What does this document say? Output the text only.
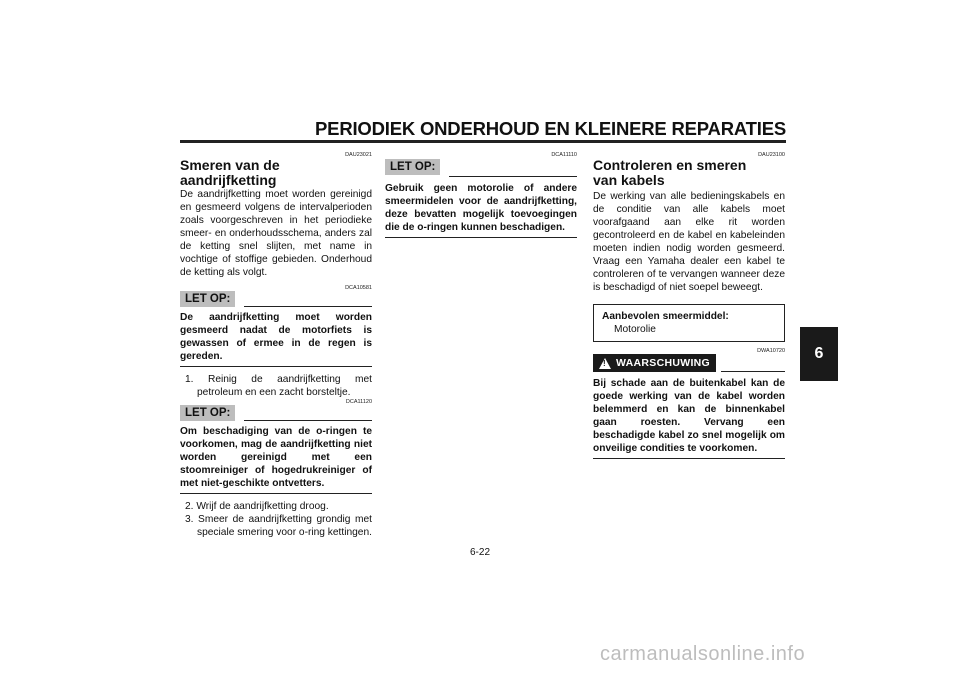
PERIODIEK ONDERHOUD EN KLEINERE REPARATIES
6
DAU23021
Smeren van de aandrijfketting
De aandrijfketting moet worden gereinigd en gesmeerd volgens de intervalperioden zoals voorgeschreven in het periodieke smeer- en onderhoudsschema, anders zal de ketting snel slijten, met name in vochtige of stoffige gebieden. Onderhoud de ketting als volgt.
LET OP:
DCA10581
De aandrijfketting moet worden gesmeerd nadat de motorfiets is gewassen of ermee in de regen is gereden.
1. Reinig de aandrijfketting met petroleum en een zacht borsteltje.
LET OP:
DCA11120
Om beschadiging van de o-ringen te voorkomen, mag de aandrijfketting niet worden gereinigd met een stoomreiniger of hogedrukreiniger of met niet-geschikte ontvetters.
2. Wrijf de aandrijfketting droog.
3. Smeer de aandrijfketting grondig met speciale smering voor o-ring kettingen.
DCA11110
LET OP:
Gebruik geen motorolie of andere smeermidelen voor de aandrijfketting, deze bevatten mogelijk toevoegingen die de o-ringen kunnen beschadigen.
DAU23100
Controleren en smeren van kabels
De werking van alle bedieningskabels en de conditie van alle kabels moet voorafgaand aan elke rit worden gecontroleerd en de kabel en kabeleinden moeten indien nodig worden gesmeerd. Vraag een Yamaha dealer een kabel te controleren of te vervangen wanneer deze is beschadigd of niet soepel beweegt.
Aanbevolen smeermiddel:
Motorolie
DWA10720
! WAARSCHUWING
Bij schade aan de buitenkabel kan de goede werking van de kabel worden belemmerd en kan de binnenkabel gaan roesten. Vervang een beschadigde kabel zo snel mogelijk om onveilige condities te voorkomen.
6-22
carmanualsonline.info
